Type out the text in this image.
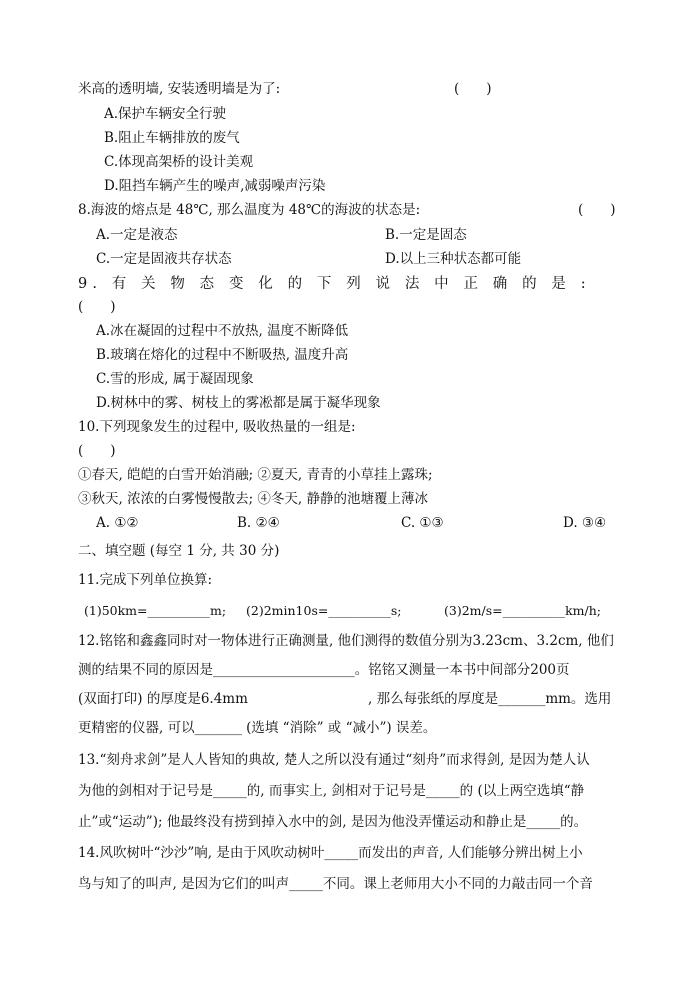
米高的透明墙, 安装透明墙是为了:	(　　)
A.保护车辆安全行驶
B.阻止车辆排放的废气
C.体现高架桥的设计美观
D.阻挡车辆产生的噪声,减弱噪声污染
8.海波的熔点是 48℃, 那么温度为 48℃的海波的状态是:	(　　)
A.一定是液态	B.一定是固态
C.一定是固液共存状态	D.以上三种状态都可能
9. 有 关 物 态 变 化 的 下 列 说 法 中 正 确 的 是 :
(　　)
A.冰在凝固的过程中不放热, 温度不断降低
B.玻璃在熔化的过程中不断吸热, 温度升高
C.雪的形成, 属于凝固现象
D.树林中的雾、树枝上的雾凇都是属于凝华现象
10.下列现象发生的过程中, 吸收热量的一组是:
(　　)
①春天, 皑皑的白雪开始消融; ②夏天, 青青的小草挂上露珠;
③秋天, 浓浓的白雾慢慢散去; ④冬天, 静静的池塘覆上薄冰
A. ①②	B. ②④	C. ①③	D. ③④
二、填空题 (每空 1 分, 共 30 分)
11.完成下列单位换算:
(1)50km=__________m; (2)2min10s=__________s;	(3)2m/s=__________km/h;
12.铭铭和鑫鑫同时对一物体进行正确测量, 他们测得的数值分别为3.23cm、3.2cm, 他们
测的结果不同的原因是_____________________。铭铭又测量一本书中间部分200页
(双面打印) 的厚度是6.4mm	, 那么每张纸的厚度是_______mm。选用
更精密的仪器, 可以_______ (选填 “消除” 或 “减小”) 误差。
13.“刻舟求剑”是人人皆知的典故, 楚人之所以没有通过“刻舟”而求得剑, 是因为楚人认
为他的剑相对于记号是_____的, 而事实上, 剑相对于记号是_____的 (以上两空选填“静
止”或“运动”); 他最终没有捞到掉入水中的剑, 是因为他没弄懂运动和静止是_____的。
14.风吹树叶“沙沙”响, 是由于风吹动树叶_____而发出的声音, 人们能够分辨出树上小
鸟与知了的叫声, 是因为它们的叫声_____不同。课上老师用大小不同的力敲击同一个音
